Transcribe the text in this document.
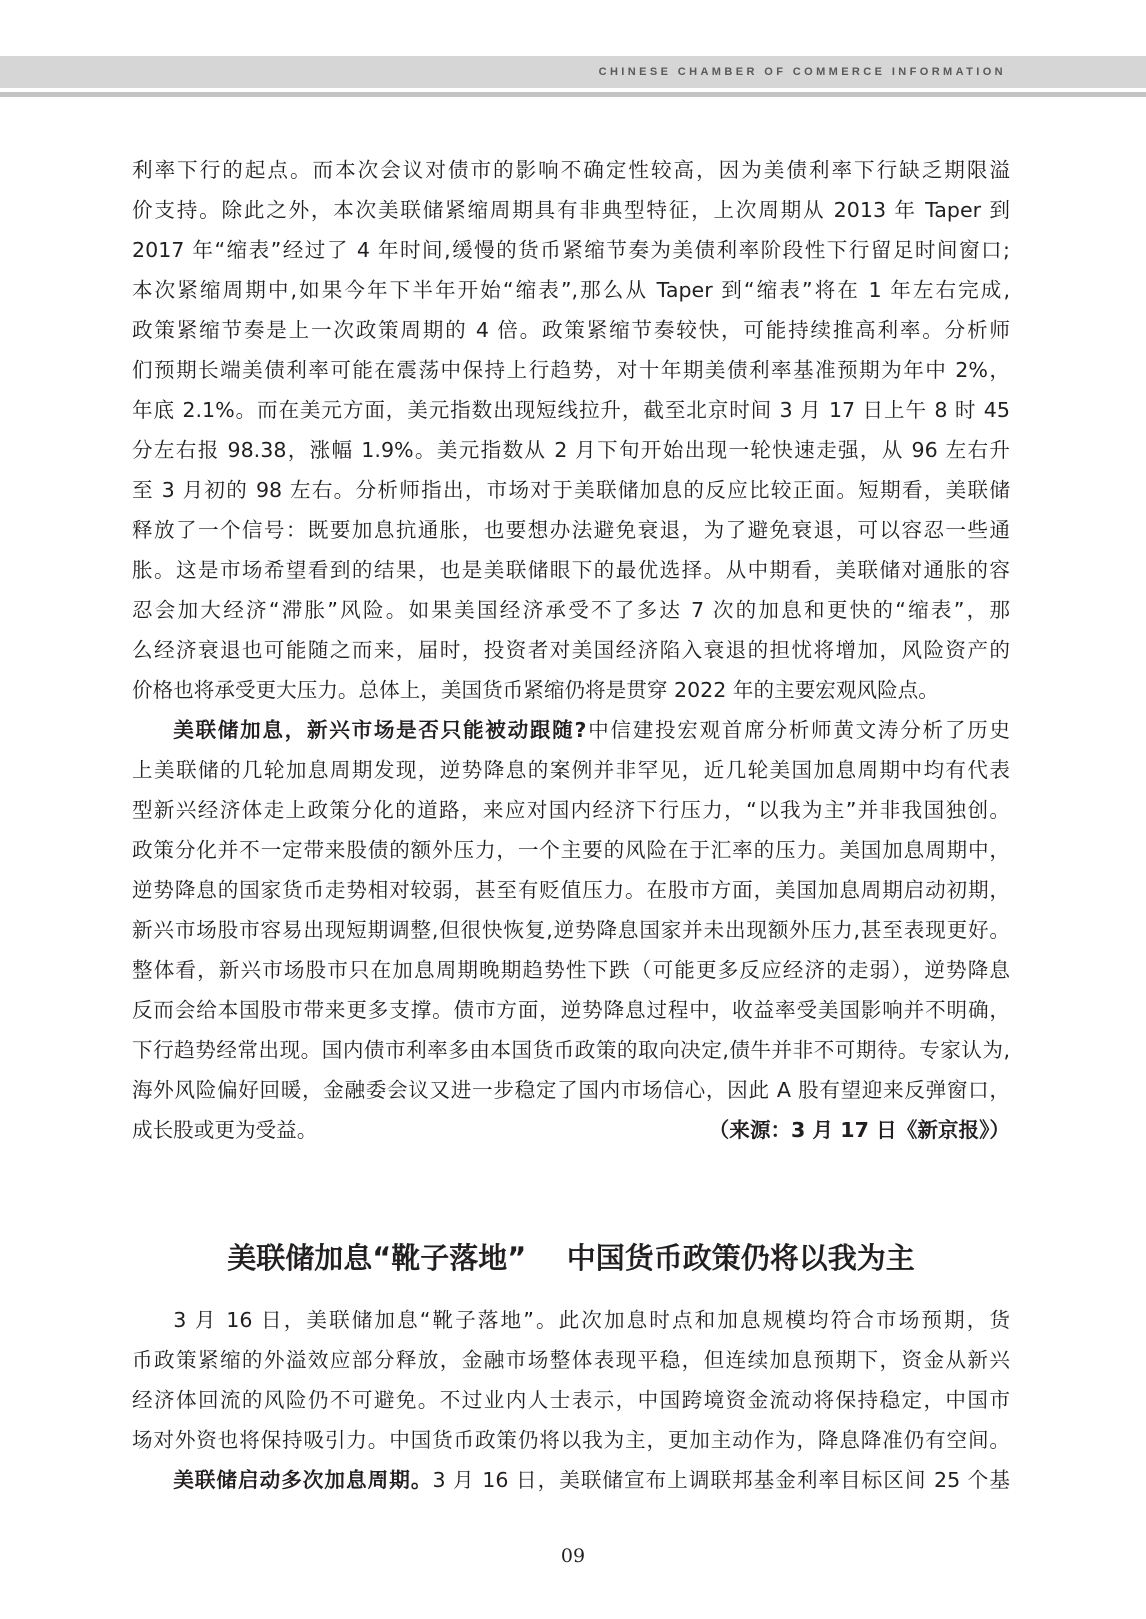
CHINESE CHAMBER OF COMMERCE INFORMATION
利率下行的起点。而本次会议对债市的影响不确定性较高，因为美债利率下行缺乏期限溢
价支持。除此之外，本次美联储紧缩周期具有非典型特征，上次周期从 2013 年 Taper 到
2017 年“缩表”经过了 4 年时间,缓慢的货币紧缩节奏为美债利率阶段性下行留足时间窗口;
本次紧缩周期中,如果今年下半年开始“缩表”,那么从 Taper 到“缩表”将在 1 年左右完成,
政策紧缩节奏是上一次政策周期的 4 倍。政策紧缩节奏较快，可能持续推高利率。分析师
们预期长端美债利率可能在震荡中保持上行趋势，对十年期美债利率基准预期为年中 2%，
年底 2.1%。而在美元方面，美元指数出现短线拉升，截至北京时间 3 月 17 日上午 8 时 45
分左右报 98.38，涨幅 1.9%。美元指数从 2 月下旬开始出现一轮快速走强，从 96 左右升
至 3 月初的 98 左右。分析师指出，市场对于美联储加息的反应比较正面。短期看，美联储
释放了一个信号：既要加息抗通胀，也要想办法避免衰退，为了避免衰退，可以容忍一些通
胀。这是市场希望看到的结果，也是美联储眼下的最优选择。从中期看，美联储对通胀的容
忍会加大经济“滞胀”风险。如果美国经济承受不了多达 7 次的加息和更快的“缩表”，那
么经济衰退也可能随之而来，届时，投资者对美国经济陷入衰退的担忧将增加，风险资产的
价格也将承受更大压力。总体上，美国货币紧缩仍将是贯穿 2022 年的主要宏观风险点。
美联储加息，新兴市场是否只能被动跟随?中信建投宏观首席分析师黄文涛分析了历史
上美联储的几轮加息周期发现，逆势降息的案例并非罕见，近几轮美国加息周期中均有代表
型新兴经济体走上政策分化的道路，来应对国内经济下行压力，“以我为主”并非我国独创。
政策分化并不一定带来股债的额外压力，一个主要的风险在于汇率的压力。美国加息周期中，
逆势降息的国家货币走势相对较弱，甚至有贬值压力。在股市方面，美国加息周期启动初期，
新兴市场股市容易出现短期调整,但很快恢复,逆势降息国家并未出现额外压力,甚至表现更好。
整体看，新兴市场股市只在加息周期晚期趋势性下跌（可能更多反应经济的走弱），逆势降息
反而会给本国股市带来更多支撑。债市方面，逆势降息过程中，收益率受美国影响并不明确，
下行趋势经常出现。国内债市利率多由本国货币政策的取向决定,债牛并非不可期待。专家认为,
海外风险偏好回暖，金融委会议又进一步稳定了国内市场信心，因此 A 股有望迎来反弹窗口，
成长股或更为受益。	（来源：3 月 17 日《新京报》）
美联储加息“靴子落地”    中国货币政策仍将以我为主
3 月 16 日，美联储加息“靴子落地”。此次加息时点和加息规模均符合市场预期，货
币政策紧缩的外溢效应部分释放，金融市场整体表现平稳，但连续加息预期下，资金从新兴
经济体回流的风险仍不可避免。不过业内人士表示，中国跨境资金流动将保持稳定，中国市
场对外资也将保持吸引力。中国货币政策仍将以我为主，更加主动作为，降息降准仍有空间。
美联储启动多次加息周期。3 月 16 日，美联储宣布上调联邦基金利率目标区间 25 个基
09
